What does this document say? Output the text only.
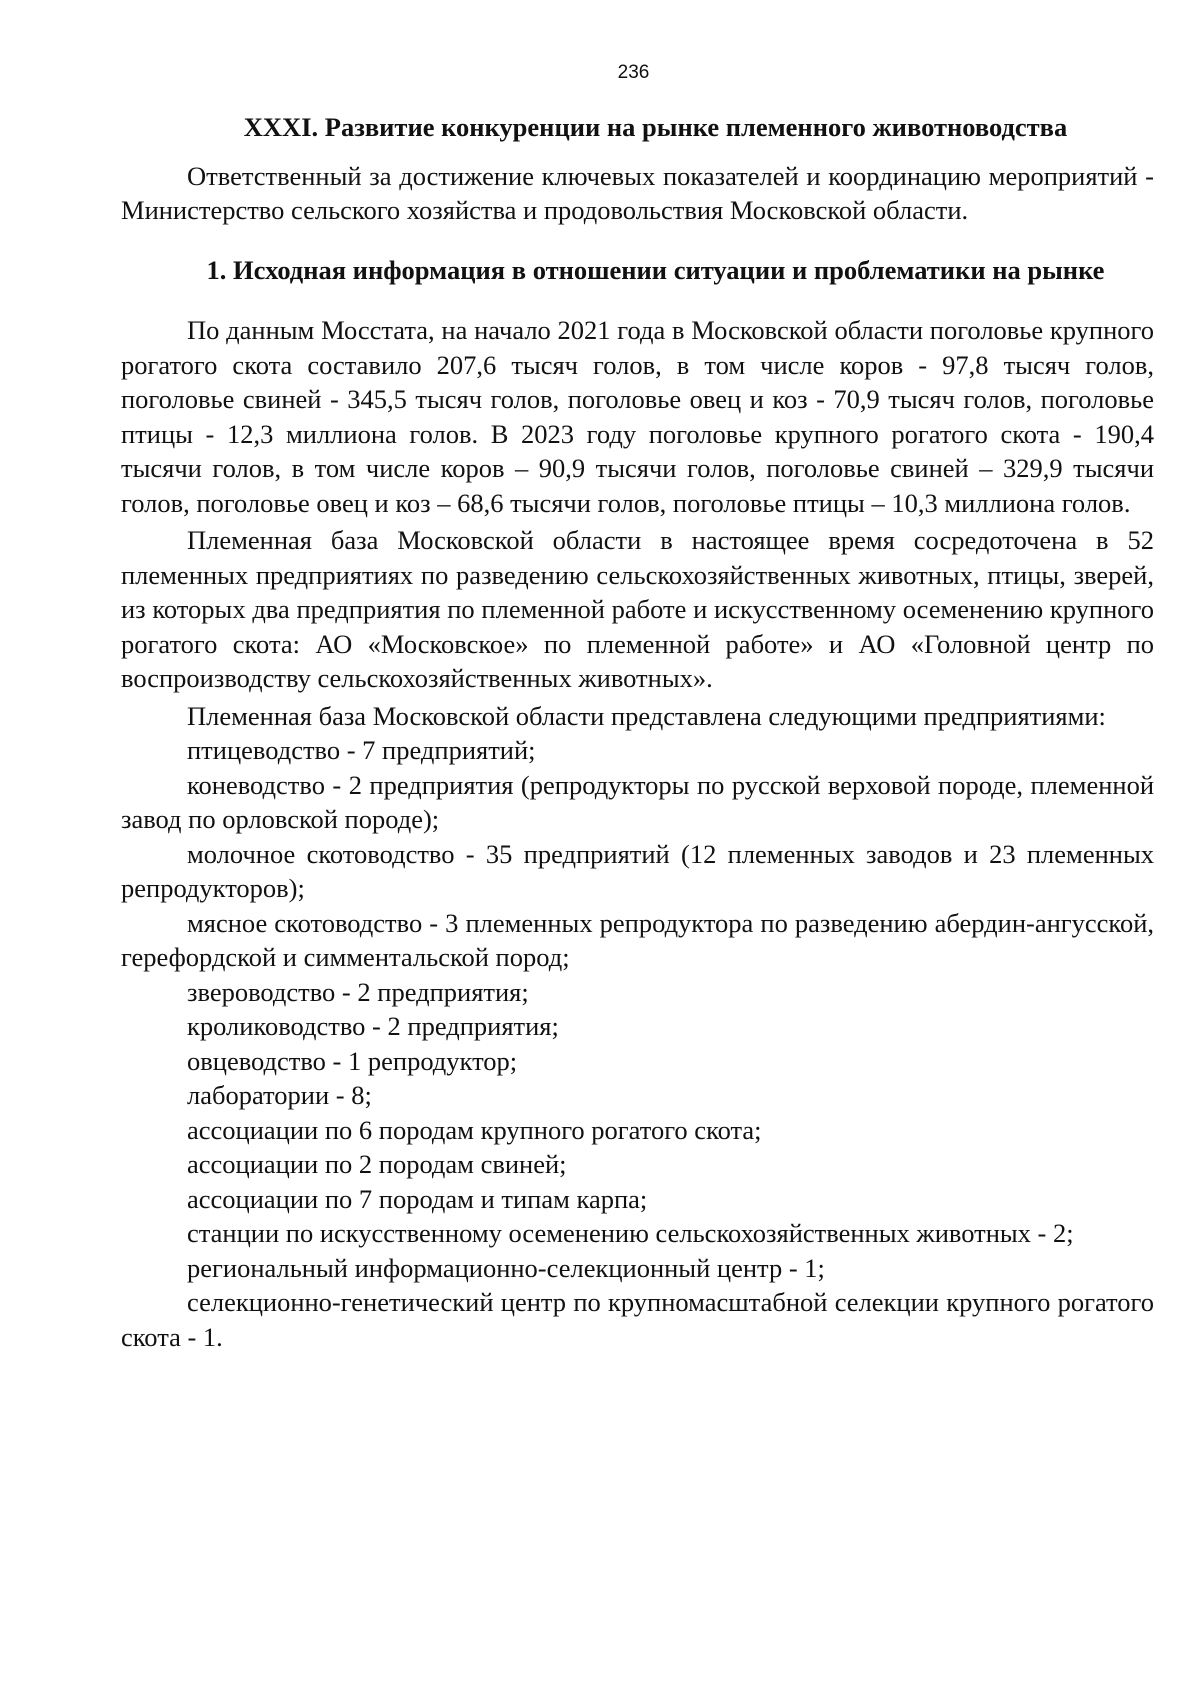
236
XXXI. Развитие конкуренции на рынке племенного животноводства

Ответственный за достижение ключевых показателей и координацию мероприятий - Министерство сельского хозяйства и продовольствия Московской области.

1. Исходная информация в отношении ситуации и проблематики на рынке

По данным Мосстата, на начало 2021 года в Московской области поголовье крупного рогатого скота составило 207,6 тысяч голов, в том числе коров - 97,8 тысяч голов, поголовье свиней - 345,5 тысяч голов, поголовье овец и коз - 70,9 тысяч голов, поголовье птицы - 12,3 миллиона голов. В 2023 году поголовье крупного рогатого скота - 190,4 тысячи голов, в том числе коров – 90,9 тысячи голов, поголовье свиней – 329,9 тысячи голов, поголовье овец и коз – 68,6 тысячи голов, поголовье птицы – 10,3 миллиона голов.

Племенная база Московской области в настоящее время сосредоточена в 52 племенных предприятиях по разведению сельскохозяйственных животных, птицы, зверей, из которых два предприятия по племенной работе и искусственному осеменению крупного рогатого скота: АО «Московское» по племенной работе» и АО «Головной центр по воспроизводству сельскохозяйственных животных».

Племенная база Московской области представлена следующими предприятиями:

птицеводство - 7 предприятий;

коневодство - 2 предприятия (репродукторы по русской верховой породе, племенной завод по орловской породе);

молочное скотоводство - 35 предприятий (12 племенных заводов и 23 племенных репродукторов);

мясное скотоводство - 3 племенных репродуктора по разведению абердин-ангусской, герефордской и симментальской пород;

звероводство - 2 предприятия;

кролиководство - 2 предприятия;

овцеводство - 1 репродуктор;

лаборатории - 8;

ассоциации по 6 породам крупного рогатого скота;

ассоциации по 2 породам свиней;

ассоциации по 7 породам и типам карпа;

станции по искусственному осеменению сельскохозяйственных животных - 2;

региональный информационно-селекционный центр - 1;

селекционно-генетический центр по крупномасштабной селекции крупного рогатого скота - 1.
